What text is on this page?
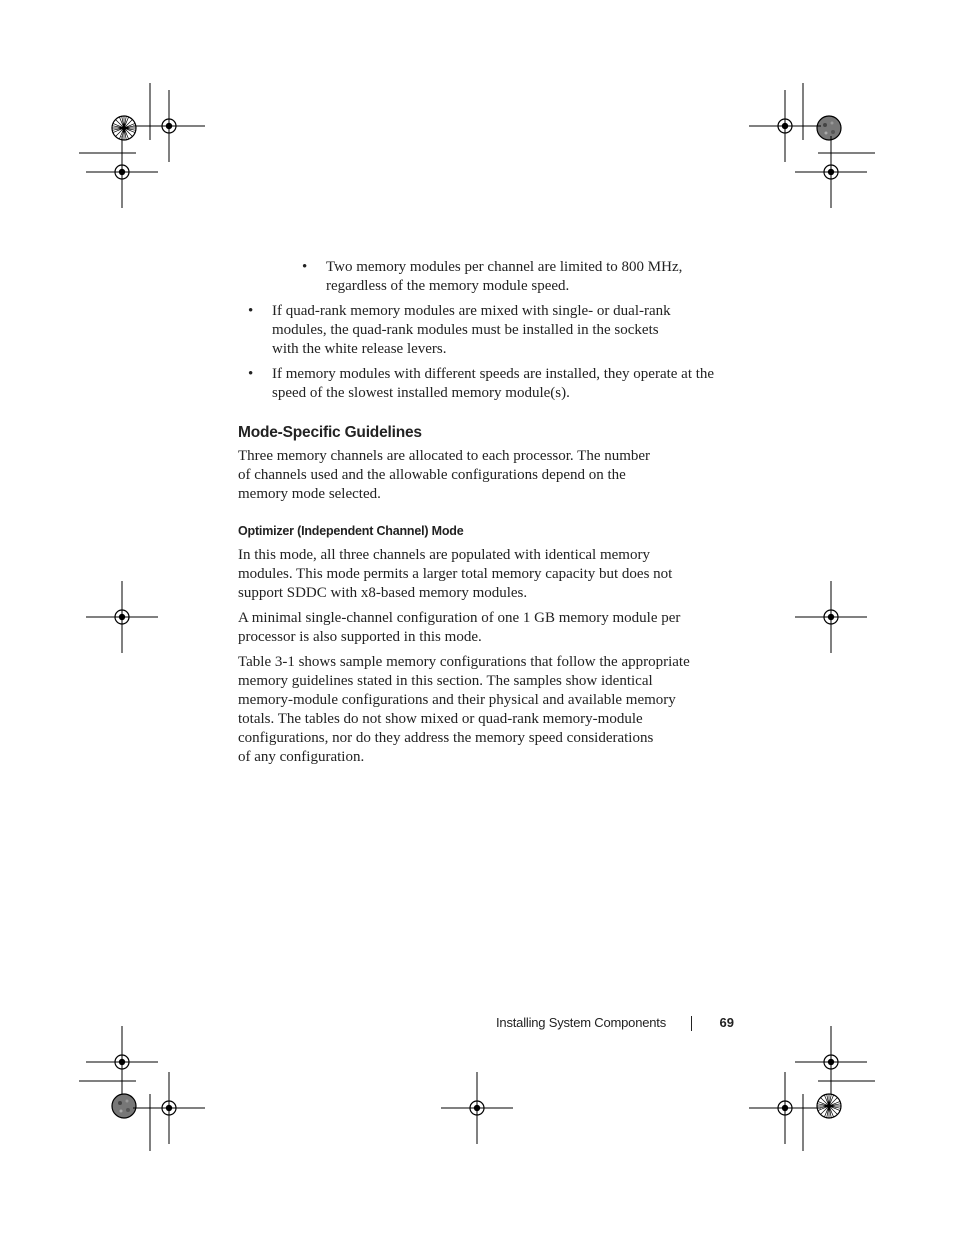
• Two memory modules per channel are limited to 800 MHz,
regardless of the memory module speed.
• If quad-rank memory modules are mixed with single- or dual-rank
modules, the quad-rank modules must be installed in the sockets
with the white release levers.
• If memory modules with different speeds are installed, they operate at the
speed of the slowest installed memory module(s).
Mode-Specific Guidelines
Three memory channels are allocated to each processor. The number
of channels used and the allowable configurations depend on the
memory mode selected.
Optimizer (Independent Channel) Mode
In this mode, all three channels are populated with identical memory
modules. This mode permits a larger total memory capacity but does not
support SDDC with x8-based memory modules.
A minimal single-channel configuration of one 1 GB memory module per
processor is also supported in this mode.
Table 3-1 shows sample memory configurations that follow the appropriate
memory guidelines stated in this section. The samples show identical
memory-module configurations and their physical and available memory
totals. The tables do not show mixed or quad-rank memory-module
configurations, nor do they address the memory speed considerations
of any configuration.
Installing System Components	69
